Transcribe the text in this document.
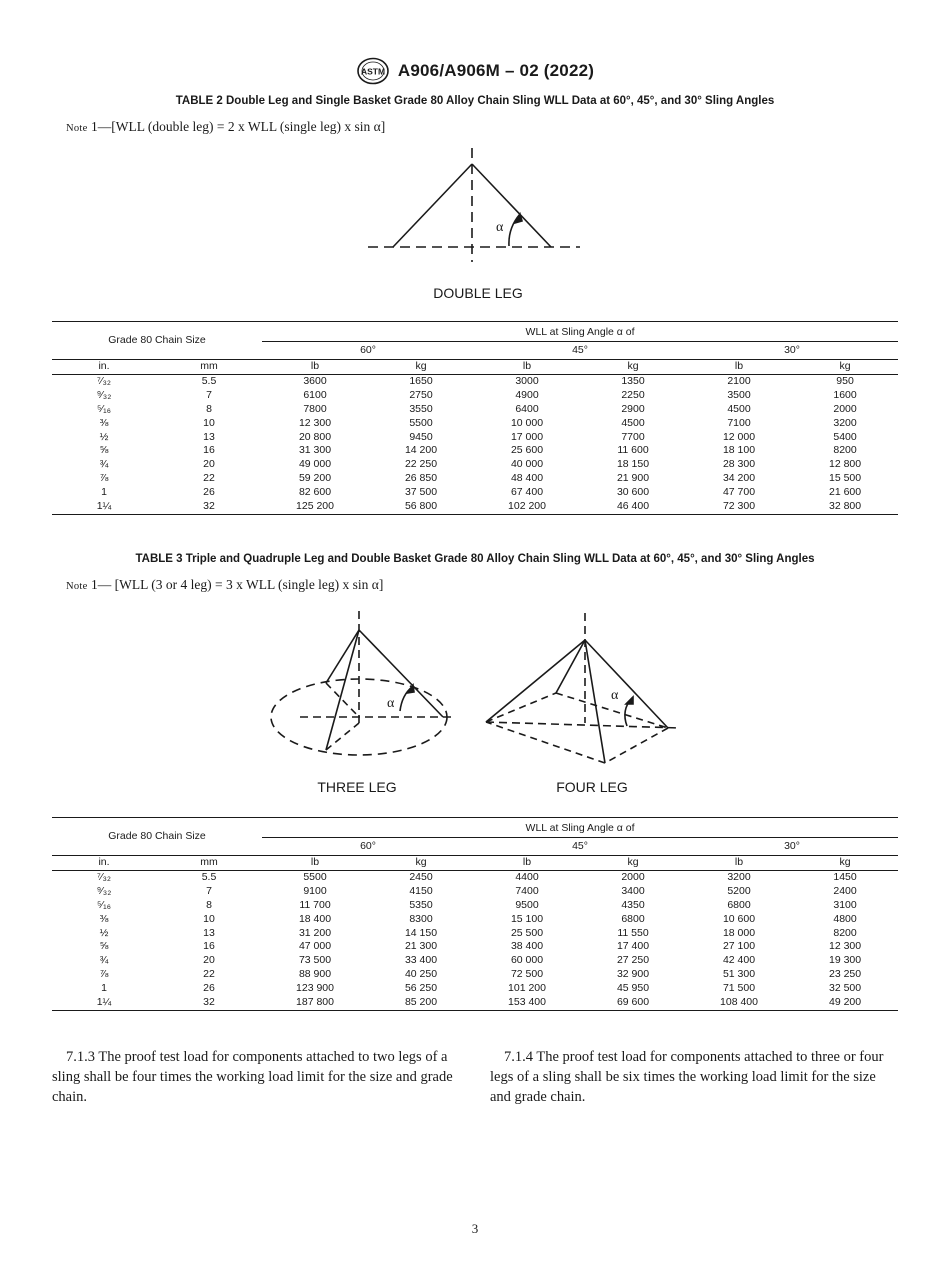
ASTM A906/A906M – 02 (2022)
TABLE 2 Double Leg and Single Basket Grade 80 Alloy Chain Sling WLL Data at 60°, 45°, and 30° Sling Angles
Note 1—[WLL (double leg) = 2 x WLL (single leg) x sin α]
α
DOUBLE LEG
Grade 80 Chain Size		WLL at Sling Angle α of					
		60°		45°		30°	
in.	mm	lb	kg	lb	kg	lb	kg
⁷⁄₃₂	5.5	3600	1650	3000	1350	2100	950
⁹⁄₃₂	7	6100	2750	4900	2250	3500	1600
⁵⁄₁₆	8	7800	3550	6400	2900	4500	2000
⅜	10	12 300	5500	10 000	4500	7100	3200
½	13	20 800	9450	17 000	7700	12 000	5400
⅝	16	31 300	14 200	25 600	11 600	18 100	8200
¾	20	49 000	22 250	40 000	18 150	28 300	12 800
⅞	22	59 200	26 850	48 400	21 900	34 200	15 500
1	26	82 600	37 500	67 400	30 600	47 700	21 600
1¼	32	125 200	56 800	102 200	46 400	72 300	32 800
TABLE 3 Triple and Quadruple Leg and Double Basket Grade 80 Alloy Chain Sling WLL Data at 60°, 45°, and 30° Sling Angles
Note 1— [WLL (3 or 4 leg) = 3 x WLL (single leg) x sin α]
α
α
THREE LEG	FOUR LEG
Grade 80 Chain Size		WLL at Sling Angle α of					
		60°		45°		30°	
in.	mm	lb	kg	lb	kg	lb	kg
⁷⁄₃₂	5.5	5500	2450	4400	2000	3200	1450
⁹⁄₃₂	7	9100	4150	7400	3400	5200	2400
⁵⁄₁₆	8	11 700	5350	9500	4350	6800	3100
⅜	10	18 400	8300	15 100	6800	10 600	4800
½	13	31 200	14 150	25 500	11 550	18 000	8200
⅝	16	47 000	21 300	38 400	17 400	27 100	12 300
¾	20	73 500	33 400	60 000	27 250	42 400	19 300
⅞	22	88 900	40 250	72 500	32 900	51 300	23 250
1	26	123 900	56 250	101 200	45 950	71 500	32 500
1¼	32	187 800	85 200	153 400	69 600	108 400	49 200
7.1.3 The proof test load for components attached to two legs of a sling shall be four times the working load limit for the size and grade chain.
7.1.4 The proof test load for components attached to three or four legs of a sling shall be six times the working load limit for the size and grade chain.
3
